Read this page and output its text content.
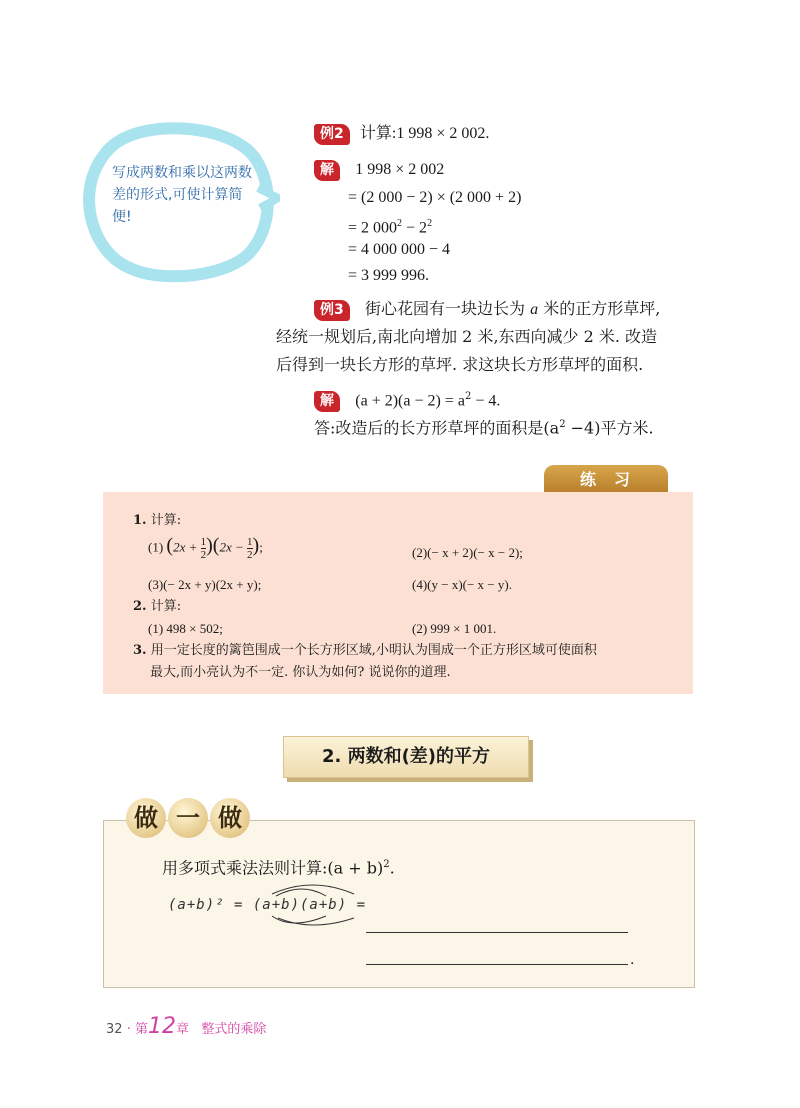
写成两数和乘以这两数差的形式,可使计算简便!
例2 计算:1 998 × 2 002.
解 1 998 × 2 002
= (2 000 − 2) × (2 000 + 2)
= 2 $000^2 - 2^2$
= 4 000 000 − 4
= 3 999 996.
例3 街心花园有一块边长为 a 米的正方形草坪,
经统一规划后,南北向增加 2 米,东西向减少 2 米. 改造
后得到一块长方形的草坪. 求这块长方形草坪的面积.
解 $(a + 2)(a - 2) = a^2 - 4$.
答:改造后的长方形草坪的面积是$(a^2 -4)$平方米.
练习
1. 计算:
(1) $(2x + \frac{1}{2} )(2x - \frac{1}{2}$ );	(2)(− x + 2)(− x − 2);
(3)(− 2x + y)(2x + y);	(4)(y − x)(− x − y).
2. 计算:
(1) 498 × 502;	(2) 999 × 1 001.
3. 用一定长度的篱笆围成一个长方形区域,小明认为围成一个正方形区域可使面积
最大,而小亮认为不一定. 你认为如何? 说说你的道理.
2. 两数和(差)的平方
做 一 做
用多项式乘法法则计算:(a + b)$^2$.
(a+b)² = (a+b)(a+b) =
.
32 · 第12章 整式的乘除
